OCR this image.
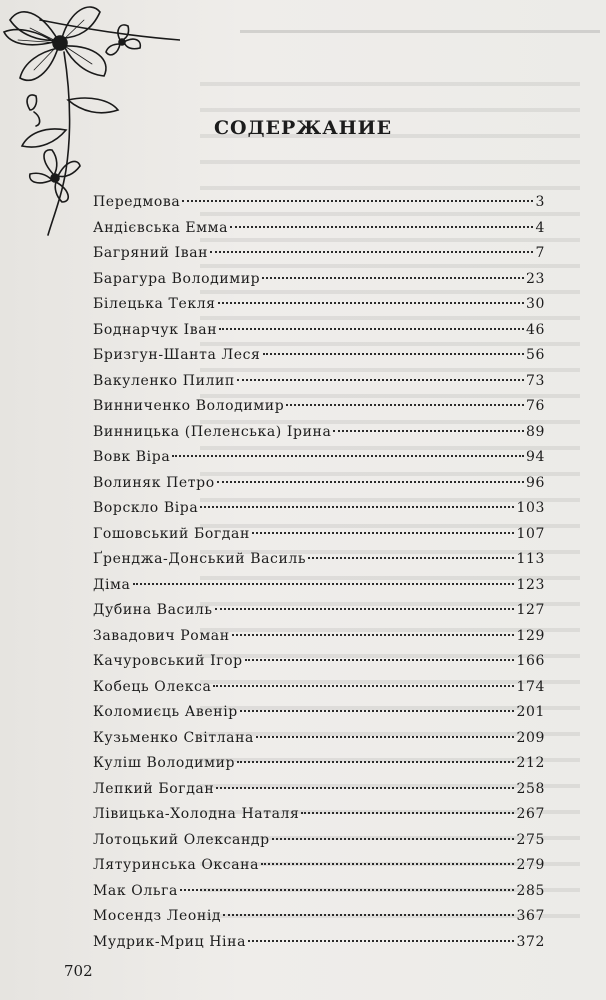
СОДЕРЖАНИЕ
Передмова	3
Андієвська Емма	4
Багряний Іван	7
Барагура Володимир	23
Білецька Текля	30
Боднарчук Іван	46
Бризгун-Шанта Леся	56
Вакуленко Пилип	73
Винниченко Володимир	76
Винницька (Пеленська) Ірина	89
Вовк Віра	94
Волиняк Петро	96
Ворскло Віра	103
Гошовський Богдан	107
Ґренджа-Донський Василь	113
Діма	123
Дубина Василь	127
Завадович Роман	129
Качуровський Ігор	166
Кобець Олекса	174
Коломиєць Авенір	201
Кузьменко Світлана	209
Куліш Володимир	212
Лепкий Богдан	258
Лівицька-Холодна Наталя	267
Лотоцький Олександр	275
Лятуринська Оксана	279
Мак Ольга	285
Мосендз Леонід	367
Мудрик-Мриц Ніна	372
702
